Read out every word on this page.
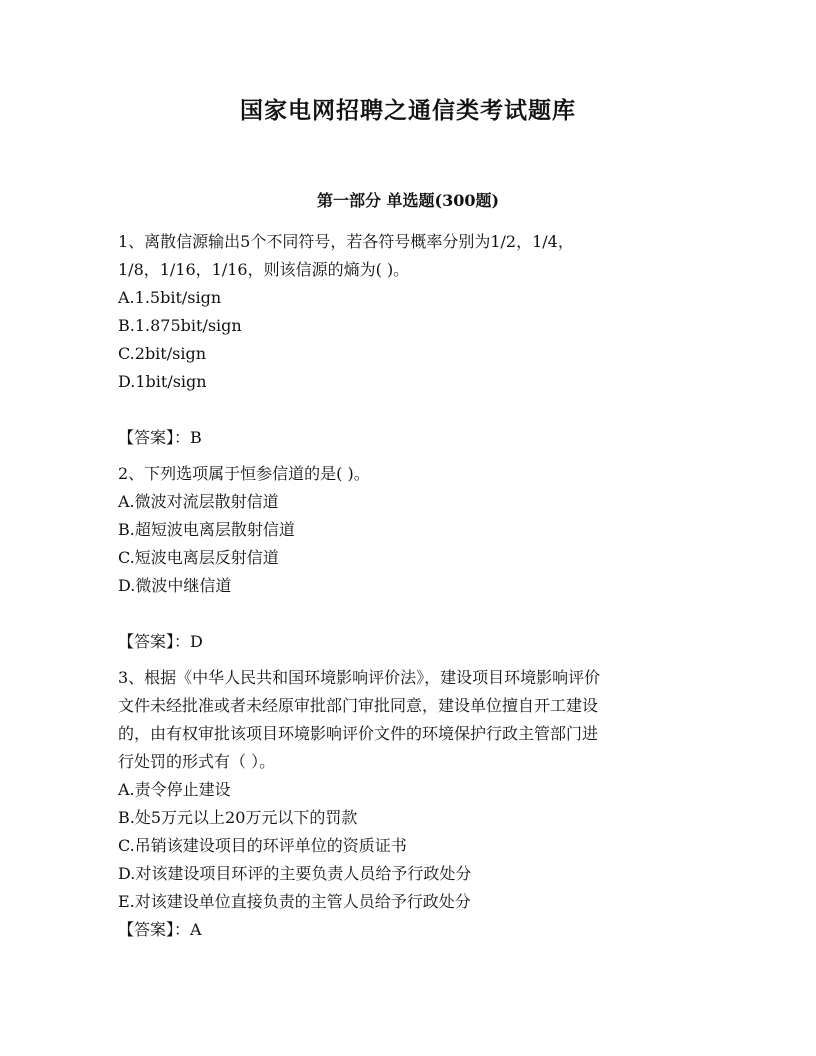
国家电网招聘之通信类考试题库
第一部分 单选题(300题)
1、离散信源输出5个不同符号，若各符号概率分别为1/2，1/4，
1/8，1/16，1/16，则该信源的熵为( )。
A.1.5bit/sign
B.1.875bit/sign
C.2bit/sign
D.1bit/sign
【答案】：B
2、下列选项属于恒参信道的是( )。
A.微波对流层散射信道
B.超短波电离层散射信道
C.短波电离层反射信道
D.微波中继信道
【答案】：D
3、根据《中华人民共和国环境影响评价法》，建设项目环境影响评价
文件未经批准或者未经原审批部门审批同意，建设单位擅自开工建设
的，由有权审批该项目环境影响评价文件的环境保护行政主管部门进
行处罚的形式有（ ）。
A.责令停止建设
B.处5万元以上20万元以下的罚款
C.吊销该建设项目的环评单位的资质证书
D.对该建设项目环评的主要负责人员给予行政处分
E.对该建设单位直接负责的主管人员给予行政处分
【答案】：A
